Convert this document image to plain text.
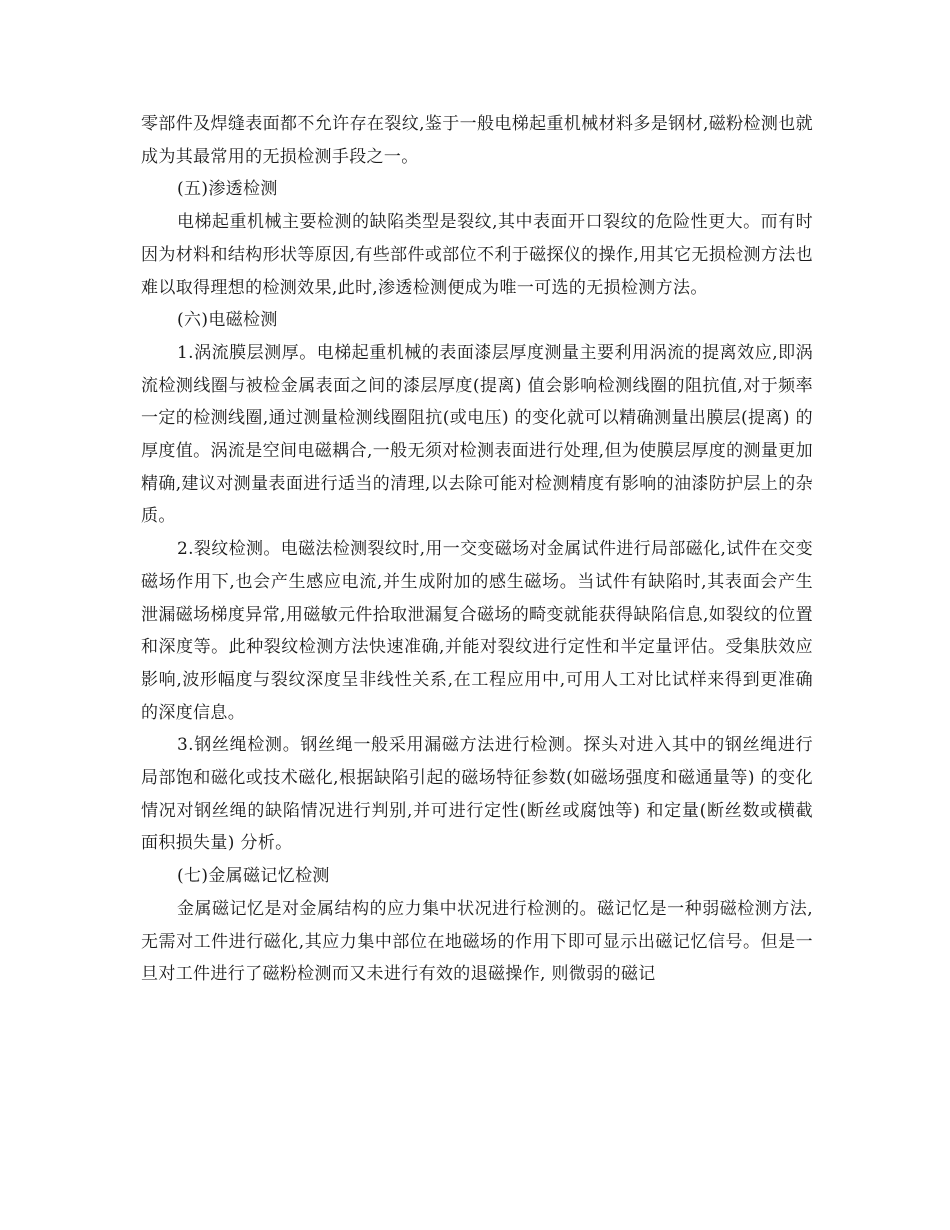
零部件及焊缝表面都不允许存在裂纹,鉴于一般电梯起重机械材料多是钢材,磁粉检测也就成为其最常用的无损检测手段之一。

(五)渗透检测

电梯起重机械主要检测的缺陷类型是裂纹,其中表面开口裂纹的危险性更大。而有时因为材料和结构形状等原因,有些部件或部位不利于磁探仪的操作,用其它无损检测方法也难以取得理想的检测效果,此时,渗透检测便成为唯一可选的无损检测方法。

(六)电磁检测

1.涡流膜层测厚。电梯起重机械的表面漆层厚度测量主要利用涡流的提离效应,即涡流检测线圈与被检金属表面之间的漆层厚度(提离) 值会影响检测线圈的阻抗值,对于频率一定的检测线圈,通过测量检测线圈阻抗(或电压) 的变化就可以精确测量出膜层(提离) 的厚度值。涡流是空间电磁耦合,一般无须对检测表面进行处理,但为使膜层厚度的测量更加精确,建议对测量表面进行适当的清理,以去除可能对检测精度有影响的油漆防护层上的杂质。

2.裂纹检测。电磁法检测裂纹时,用一交变磁场对金属试件进行局部磁化,试件在交变磁场作用下,也会产生感应电流,并生成附加的感生磁场。当试件有缺陷时,其表面会产生泄漏磁场梯度异常,用磁敏元件拾取泄漏复合磁场的畸变就能获得缺陷信息,如裂纹的位置和深度等。此种裂纹检测方法快速准确,并能对裂纹进行定性和半定量评估。受集肤效应影响,波形幅度与裂纹深度呈非线性关系,在工程应用中,可用人工对比试样来得到更准确的深度信息。

3.钢丝绳检测。钢丝绳一般采用漏磁方法进行检测。探头对进入其中的钢丝绳进行局部饱和磁化或技术磁化,根据缺陷引起的磁场特征参数(如磁场强度和磁通量等) 的变化情况对钢丝绳的缺陷情况进行判别,并可进行定性(断丝或腐蚀等) 和定量(断丝数或横截面积损失量) 分析。

(七)金属磁记忆检测

金属磁记忆是对金属结构的应力集中状况进行检测的。磁记忆是一种弱磁检测方法, 无需对工件进行磁化,其应力集中部位在地磁场的作用下即可显示出磁记忆信号。但是一旦对工件进行了磁粉检测而又未进行有效的退磁操作, 则微弱的磁记
